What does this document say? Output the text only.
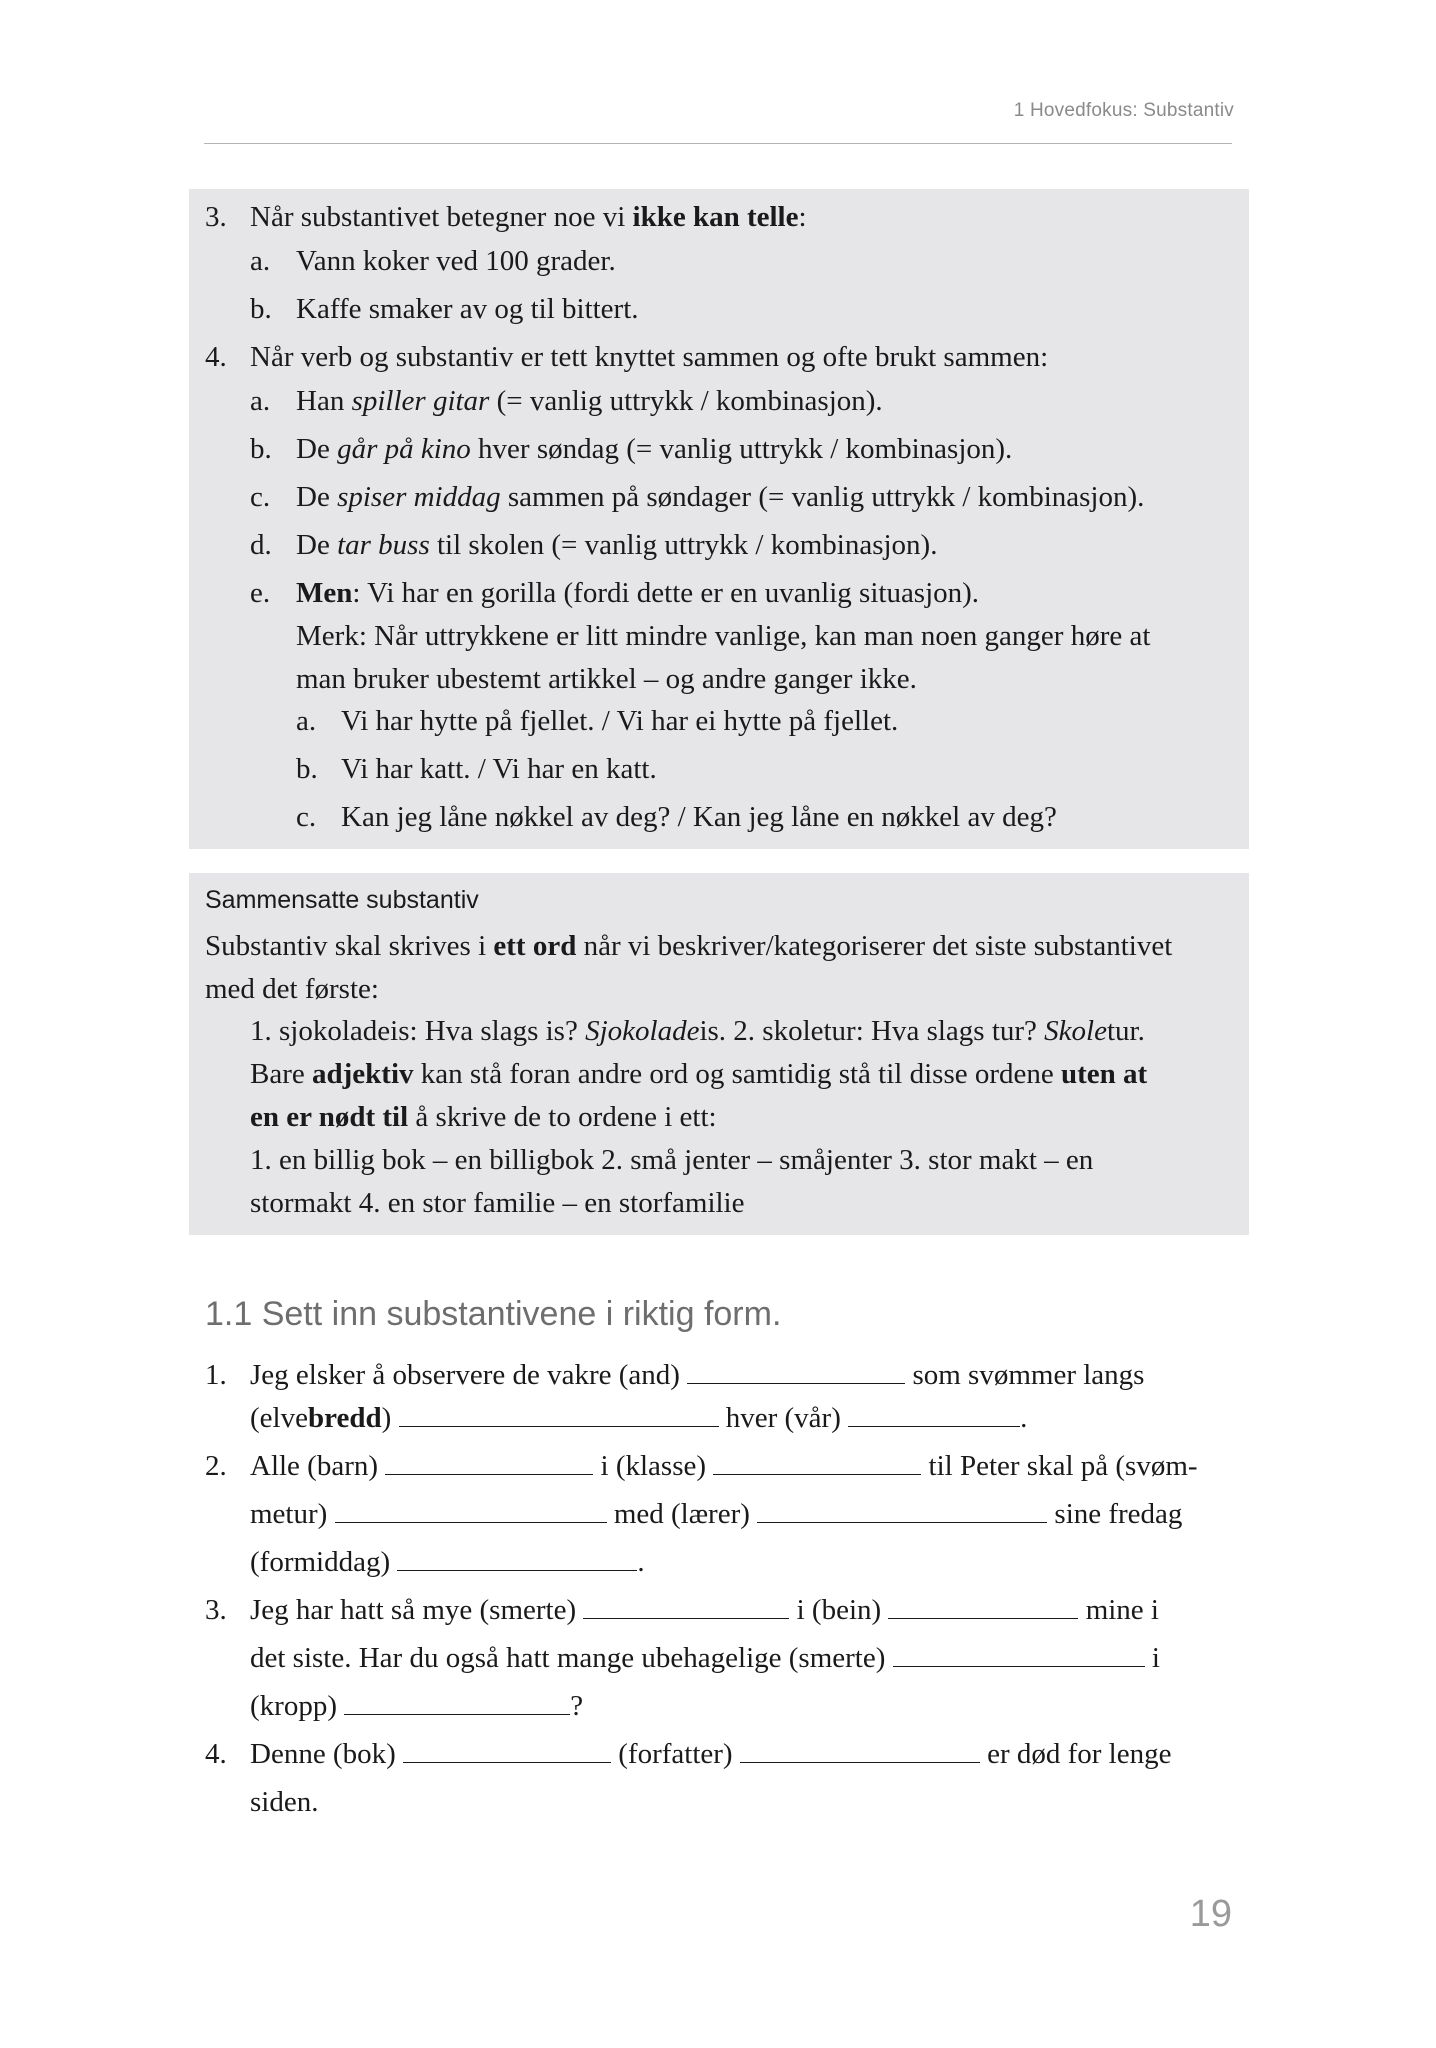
1 Hovedfokus: Substantiv
3. Når substantivet betegner noe vi ikke kan telle:
a. Vann koker ved 100 grader.
b. Kaffe smaker av og til bittert.
4. Når verb og substantiv er tett knyttet sammen og ofte brukt sammen:
a. Han spiller gitar (= vanlig uttrykk / kombinasjon).
b. De går på kino hver søndag (= vanlig uttrykk / kombinasjon).
c. De spiser middag sammen på søndager (= vanlig uttrykk / kombinasjon).
d. De tar buss til skolen (= vanlig uttrykk / kombinasjon).
e. Men: Vi har en gorilla (fordi dette er en uvanlig situasjon).
Merk: Når uttrykkene er litt mindre vanlige, kan man noen ganger høre at
man bruker ubestemt artikkel – og andre ganger ikke.
a. Vi har hytte på fjellet. / Vi har ei hytte på fjellet.
b. Vi har katt. / Vi har en katt.
c. Kan jeg låne nøkkel av deg? / Kan jeg låne en nøkkel av deg?
Sammensatte substantiv
Substantiv skal skrives i ett ord når vi beskriver/kategoriserer det siste substantivet
med det første:
1. sjokoladeis: Hva slags is? Sjokoladeis. 2. skoletur: Hva slags tur? Skoletur.
Bare adjektiv kan stå foran andre ord og samtidig stå til disse ordene uten at
en er nødt til å skrive de to ordene i ett:
1. en billig bok – en billigbok 2. små jenter – småjenter 3. stor makt – en
stormakt 4. en stor familie – en storfamilie
1.1 Sett inn substantivene i riktig form.
1. Jeg elsker å observere de vakre (and)	som svømmer langs
(elvebredd)	hver (vår)	.
2. Alle (barn)	i (klasse)	til Peter skal på (svøm-
metur)	med (lærer)	sine fredag
(formiddag)	.
3. Jeg har hatt så mye (smerte)	i (bein)	mine i
det siste. Har du også hatt mange ubehagelige (smerte)	i
(kropp)	?
4. Denne (bok)	(forfatter)	er død for lenge
siden.
19
